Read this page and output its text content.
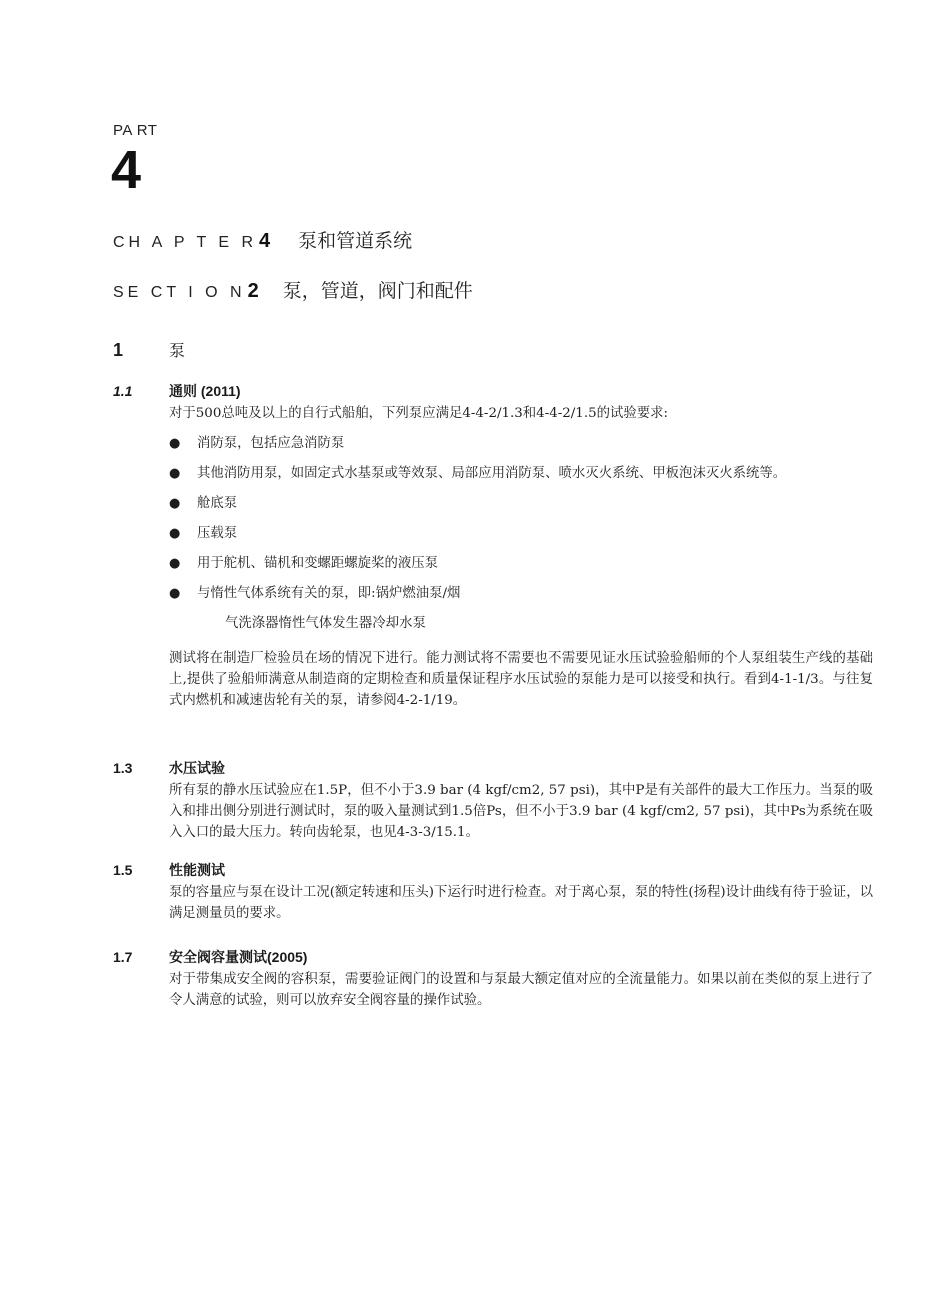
PA RT
4
CH A P T E R 4 泵和管道系统
SE CT I O N 2 泵，管道，阀门和配件
1	泵
1.1	通则 (2011)
对于500总吨及以上的自行式船舶，下列泵应满足4-4-2/1.3和4-4-2/1.5的试验要求:
● 消防泵，包括应急消防泵
● 其他消防用泵，如固定式水基泵或等效泵、局部应用消防泵、喷水灭火系统、甲板泡沫灭火系统等。
● 舱底泵
● 压载泵
● 用于舵机、锚机和变螺距螺旋桨的液压泵
● 与惰性气体系统有关的泵，即:锅炉燃油泵/烟
气洗涤器惰性气体发生器冷却水泵
测试将在制造厂检验员在场的情况下进行。能力测试将不需要也不需要见证水压试验验船师的个人泵组装生产线的基础上,提供了验船师满意从制造商的定期检查和质量保证程序水压试验的泵能力是可以接受和执行。看到4-1-1/3。与往复式内燃机和减速齿轮有关的泵，请参阅4-2-1/19。
1.3	水压试验
所有泵的静水压试验应在1.5P，但不小于3.9 bar (4 kgf/cm2, 57 psi)，其中P是有关部件的最大工作压力。当泵的吸入和排出侧分别进行测试时，泵的吸入量测试到1.5倍Ps，但不小于3.9 bar (4 kgf/cm2, 57 psi)，其中Ps为系统在吸入入口的最大压力。转向齿轮泵，也见4-3-3/15.1。
1.5	性能测试
泵的容量应与泵在设计工况(额定转速和压头)下运行时进行检查。对于离心泵，泵的特性(扬程)设计曲线有待于验证，以满足测量员的要求。
1.7	安全阀容量测试(2005)
对于带集成安全阀的容积泵，需要验证阀门的设置和与泵最大额定值对应的全流量能力。如果以前在类似的泵上进行了令人满意的试验，则可以放弃安全阀容量的操作试验。
